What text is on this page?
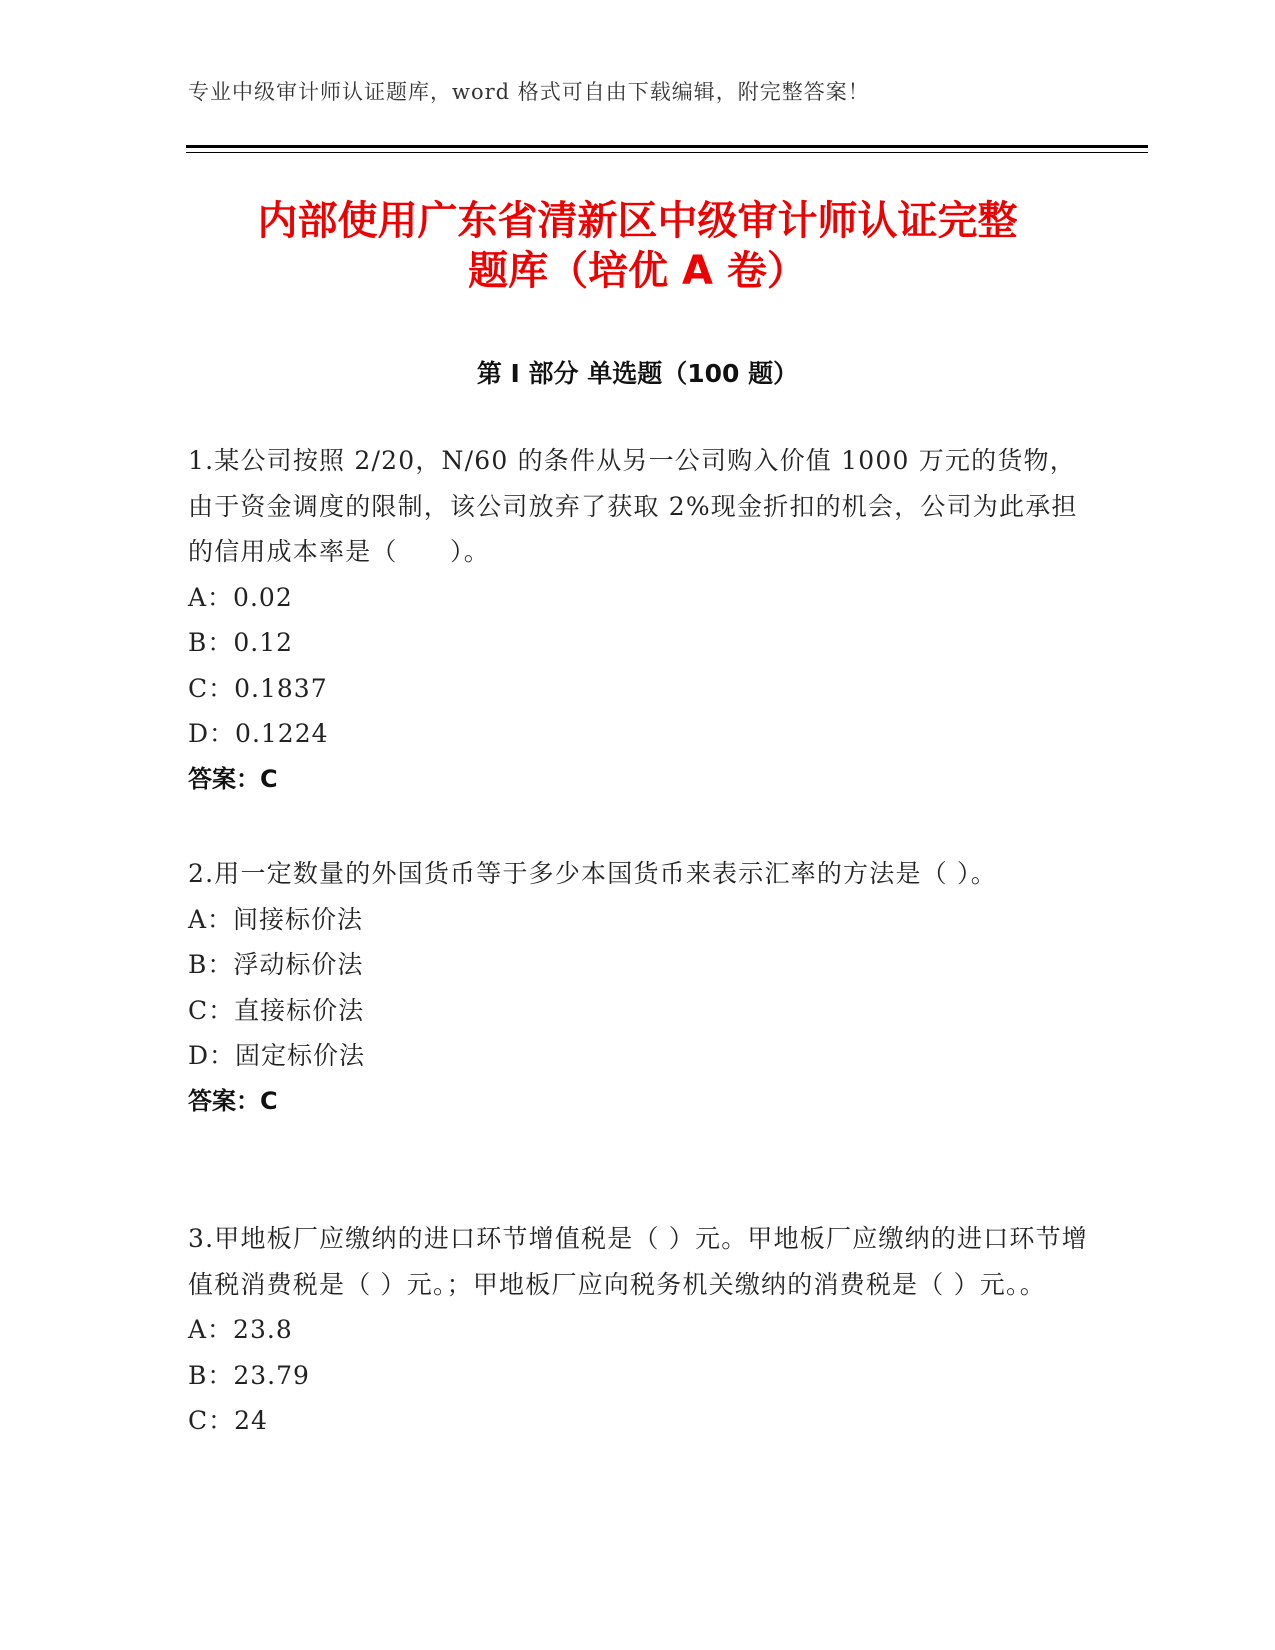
专业中级审计师认证题库，word 格式可自由下载编辑，附完整答案！
内部使用广东省清新区中级审计师认证完整
题库（培优 A 卷）
第 I 部分 单选题（100 题）

1.某公司按照 2/20，N/60 的条件从另一公司购入价值 1000 万元的货物，由于资金调度的限制，该公司放弃了获取 2%现金折扣的机会，公司为此承担的信用成本率是（　　）。

A：0.02

B：0.12

C：0.1837

D：0.1224

答案：C

2.用一定数量的外国货币等于多少本国货币来表示汇率的方法是（ ）。

A：间接标价法

B：浮动标价法

C：直接标价法

D：固定标价法

答案：C

3.甲地板厂应缴纳的进口环节增值税是（ ）元。甲地板厂应缴纳的进口环节增值税消费税是（ ）元。；甲地板厂应向税务机关缴纳的消费税是（ ）元。。

A：23.8

B：23.79

C：24
